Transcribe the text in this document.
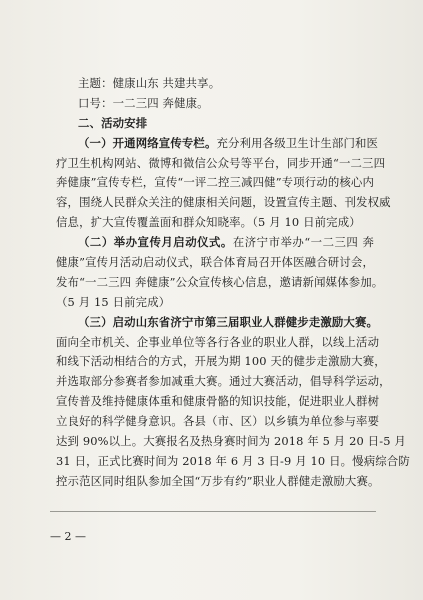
主题：健康山东 共建共享。
口号：一二三四 奔健康。
二、活动安排
（一）开通网络宣传专栏。充分利用各级卫生计生部门和医
疗卫生机构网站、微博和微信公众号等平台，同步开通“一二三四
奔健康”宣传专栏，宣传“一评二控三减四健”专项行动的核心内
容，围绕人民群众关注的健康相关问题，设置宣传主题、刊发权威
信息，扩大宣传覆盖面和群众知晓率。（5 月 10 日前完成）
（二）举办宣传月启动仪式。在济宁市举办“一二三四 奔
健康”宣传月活动启动仪式，联合体育局召开体医融合研讨会，
发布“一二三四 奔健康”公众宣传核心信息，邀请新闻媒体参加。
（5 月 15 日前完成）
（三）启动山东省济宁市第三届职业人群健步走激励大赛。
面向全市机关、企事业单位等各行各业的职业人群，以线上活动
和线下活动相结合的方式，开展为期 100 天的健步走激励大赛，
并选取部分参赛者参加减重大赛。通过大赛活动，倡导科学运动，
宣传普及维持健康体重和健康骨骼的知识技能，促进职业人群树
立良好的科学健身意识。各县（市、区）以乡镇为单位参与率要
达到 90%以上。大赛报名及热身赛时间为 2018 年 5 月 20 日-5 月
31 日，正式比赛时间为 2018 年 6 月 3 日-9 月 10 日。慢病综合防
控示范区同时组队参加全国“万步有约”职业人群健走激励大赛。
— 2 —
